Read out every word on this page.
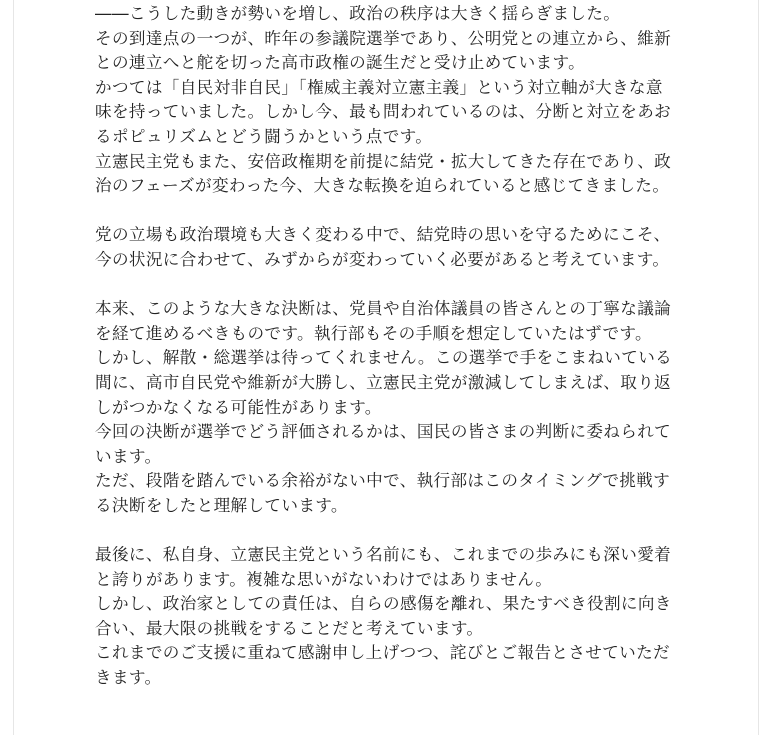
――こうした動きが勢いを増し、政治の秩序は大きく揺らぎました。
その到達点の一つが、昨年の参議院選挙であり、公明党との連立から、維新
との連立へと舵を切った高市政権の誕生だと受け止めています。
かつては「自民対非自民」「権威主義対立憲主義」という対立軸が大きな意
味を持っていました。しかし今、最も問われているのは、分断と対立をあお
るポピュリズムとどう闘うかという点です。
立憲民主党もまた、安倍政権期を前提に結党・拡大してきた存在であり、政
治のフェーズが変わった今、大きな転換を迫られていると感じてきました。
党の立場も政治環境も大きく変わる中で、結党時の思いを守るためにこそ、
今の状況に合わせて、みずからが変わっていく必要があると考えています。
本来、このような大きな決断は、党員や自治体議員の皆さんとの丁寧な議論
を経て進めるべきものです。執行部もその手順を想定していたはずです。
しかし、解散・総選挙は待ってくれません。この選挙で手をこまねいている
間に、高市自民党や維新が大勝し、立憲民主党が激減してしまえば、取り返
しがつかなくなる可能性があります。
今回の決断が選挙でどう評価されるかは、国民の皆さまの判断に委ねられて
います。
ただ、段階を踏んでいる余裕がない中で、執行部はこのタイミングで挑戦す
る決断をしたと理解しています。
最後に、私自身、立憲民主党という名前にも、これまでの歩みにも深い愛着
と誇りがあります。複雑な思いがないわけではありません。
しかし、政治家としての責任は、自らの感傷を離れ、果たすべき役割に向き
合い、最大限の挑戦をすることだと考えています。
これまでのご支援に重ねて感謝申し上げつつ、詫びとご報告とさせていただ
きます。
